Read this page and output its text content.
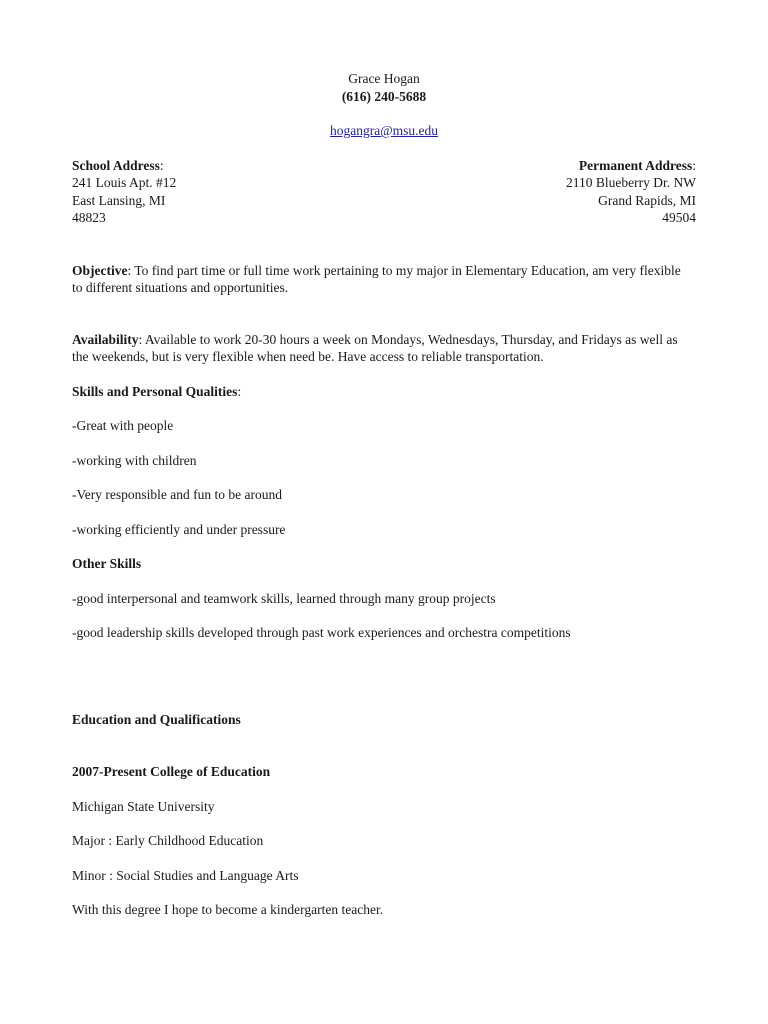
Grace Hogan
(616) 240-5688
hogangra@msu.edu
School Address:
241 Louis Apt. #12
East Lansing, MI
48823
Permanent Address:
2110 Blueberry Dr. NW
Grand Rapids, MI
49504

Objective: To find part time or full time work pertaining to my major in Elementary Education, am very flexible to different situations and opportunities.

Availability: Available to work 20-30 hours a week on Mondays, Wednesdays, Thursday, and Fridays as well as the weekends, but is very flexible when need be. Have access to reliable transportation.

Skills and Personal Qualities:

-Great with people

-working with children

-Very responsible and fun to be around

-working efficiently and under pressure

Other Skills

-good interpersonal and teamwork skills, learned through many group projects

-good leadership skills developed through past work experiences and orchestra competitions

Education and Qualifications

2007-Present College of Education

Michigan State University

Major : Early Childhood Education

Minor : Social Studies and Language Arts

With this degree I hope to become a kindergarten teacher.
